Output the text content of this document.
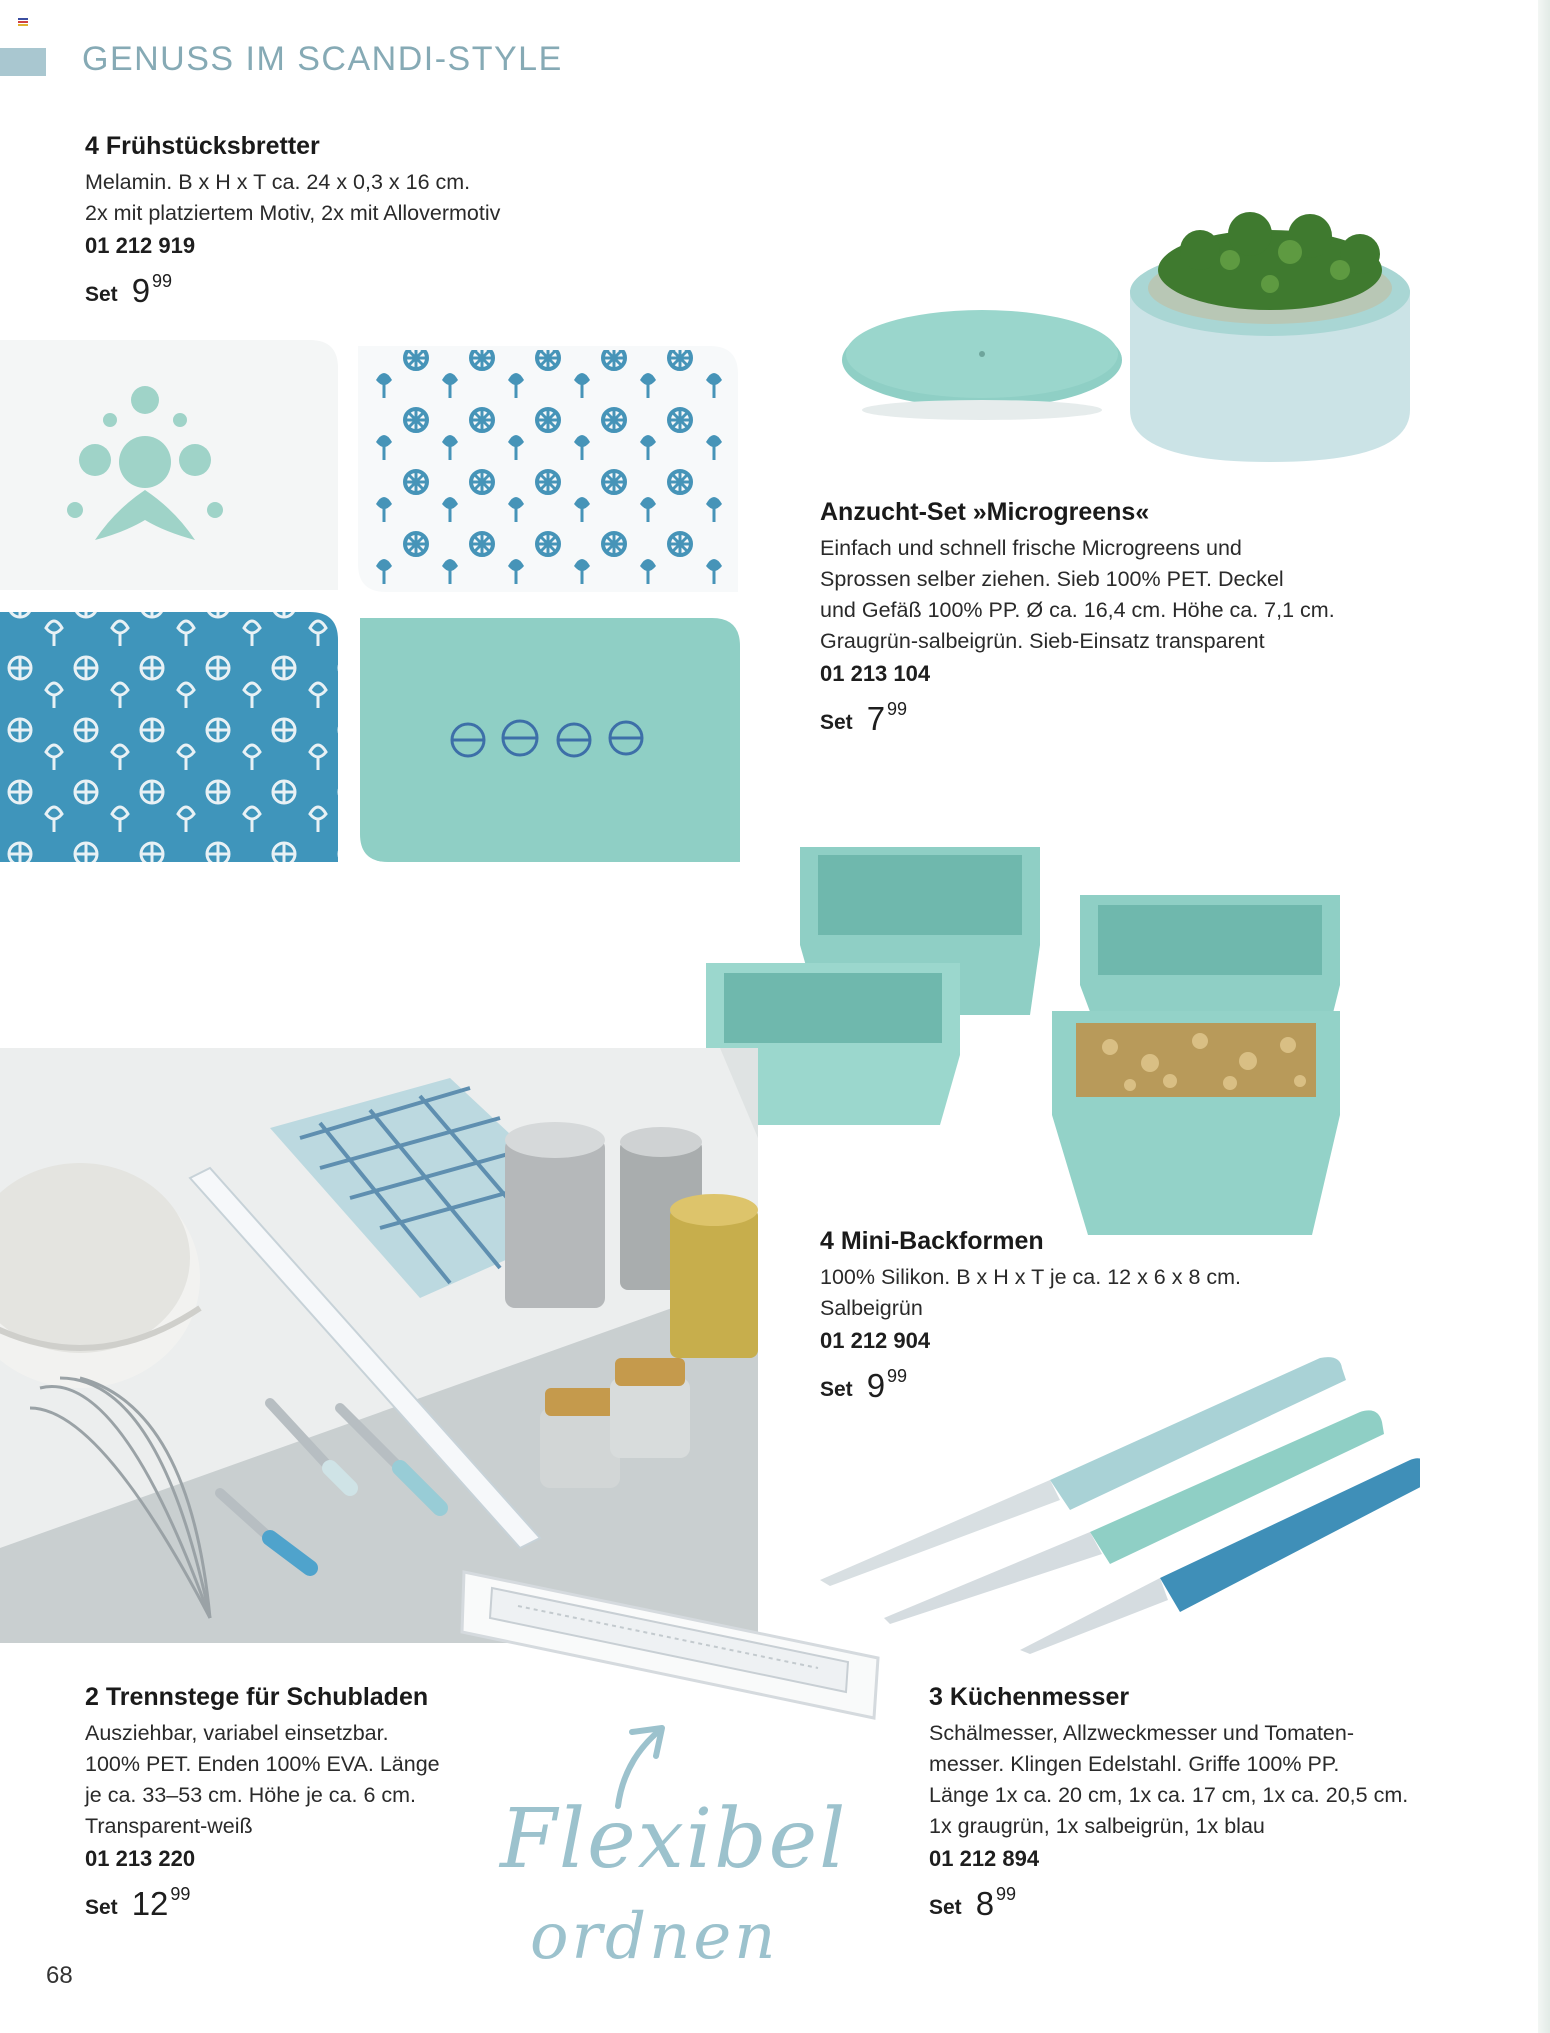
GENUSS IM SCANDI-STYLE
4 Frühstücksbretter
Melamin. B x H x T ca. 24 x 0,3 x 16 cm.
2x mit platziertem Motiv, 2x mit Allovermotiv
01 212 919
Set 9 99
Anzucht-Set »Microgreens«
Einfach und schnell frische Microgreens und
Sprossen selber ziehen. Sieb 100% PET. Deckel
und Gefäß 100% PP. Ø ca. 16,4 cm. Höhe ca. 7,1 cm.
Graugrün-salbeigrün. Sieb-Einsatz transparent
01 213 104
Set 7 99
4 Mini-Backformen
100% Silikon. B x H x T je ca. 12 x 6 x 8 cm.
Salbeigrün
01 212 904
Set 9 99
2 Trennstege für Schubladen
Ausziehbar, variabel einsetzbar.
100% PET. Enden 100% EVA. Länge
je ca. 33–53 cm. Höhe je ca. 6 cm.
Transparent-weiß
01 213 220
Set 12 99
Flexibel
ordnen
3 Küchenmesser
Schälmesser, Allzweckmesser und Tomaten-
messer. Klingen Edelstahl. Griffe 100% PP.
Länge 1x ca. 20 cm, 1x ca. 17 cm, 1x ca. 20,5 cm.
1x graugrün, 1x salbeigrün, 1x blau
01 212 894
Set 8 99
68
